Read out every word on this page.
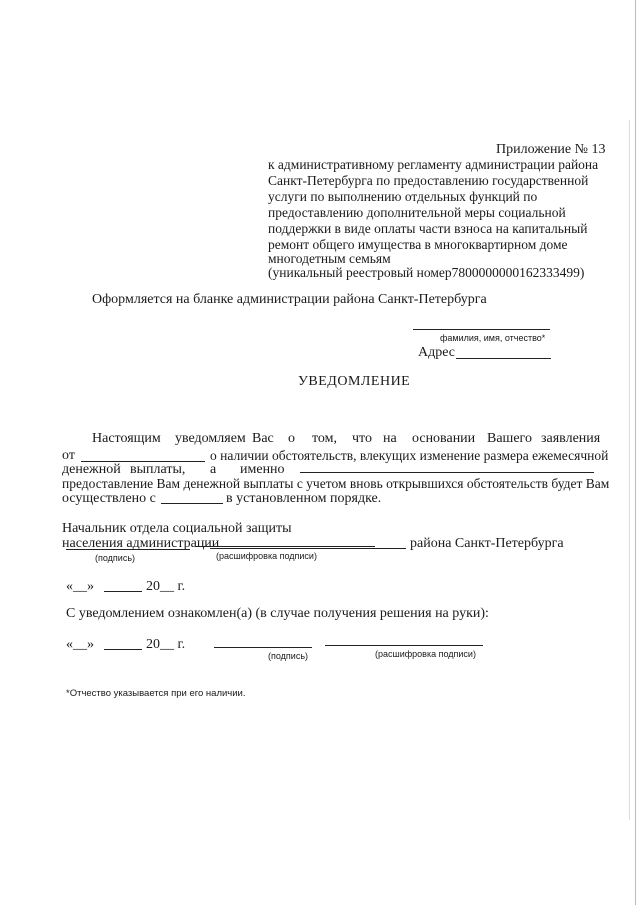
Приложение № 13
к административному регламенту администрации района
Санкт-Петербурга по предоставлению государственной
услуги по выполнению отдельных функций по
предоставлению дополнительной меры социальной
поддержки в виде оплаты части взноса на капитальный
ремонт общего имущества в многоквартирном доме
многодетным семьям
(уникальный реестровый номер7800000000162333499)
Оформляется на бланке администрации района Санкт-Петербурга
фамилия, имя, отчество*
Адрес
УВЕДОМЛЕНИЕ
Настоящим уведомляем Вас о том, что на основании Вашего заявления
от	о наличии обстоятельств, влекущих изменение размера ежемесячной
денежной выплаты, а именно
предоставление Вам денежной выплаты с учетом вновь открывшихся обстоятельств будет Вам
осуществлено с	в установленном порядке.
Начальник отдела социальной защиты
населения администрации	района Санкт-Петербурга
(подпись)	(расшифровка подписи)
«__»	20__ г.
С уведомлением ознакомлен(а) (в случае получения решения на руки):
«__»	20__ г.
(подпись)	(расшифровка подписи)
*Отчество указывается при его наличии.
